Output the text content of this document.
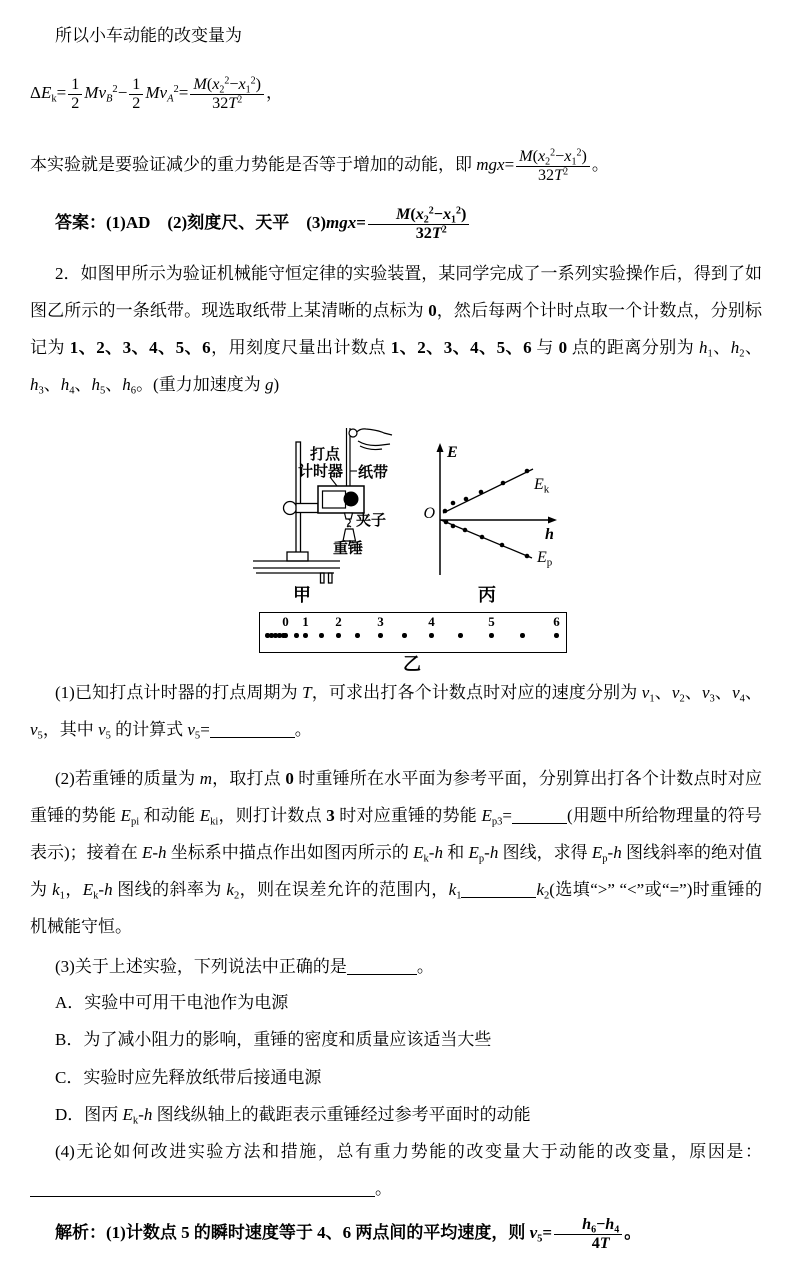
所以小车动能的改变量为
$\Delta E_k= \frac{1}{2} Mv_B^2- \frac{1}{2} Mv_A^2= \frac{M(x_2^2-x_1^2)}{32T^2}$ ，
本实验就是要验证减少的重力势能是否等于增加的动能，即 $mgx= \frac{M(x_2^2-x_1^2)}{32T^2}$ 。
答案：(1)AD　(2)刻度尺、天平　$(3)mgx= \frac{M(x_2^2-x_1^2)}{32T^2}$
2．如图甲所示为验证机械能守恒定律的实验装置，某同学完成了一系列实验操作后，得到了如图乙所示的一条纸带。现选取纸带上某清晰的点标为 0，然后每两个计时点取一个计数点，分别标记为 1、2、3、4、5、6，用刻度尺量出计数点 1、2、3、4、5、6 与 0 点的距离分别为 $h_1$、$h_2$、$h_3$、$h_4$、$h_5$、$h_6$。(重力加速度为 g)
打点
计时器 纸带
夹子
重锤
甲
E
h
O
$E_k$
$E_p$
丙
0 1 2	3	4	5	6
乙
(1)已知打点计时器的打点周期为 T，可求出打各个计数点时对应的速度分别为 $v_1$、$v_2$、$v_3$、$v_4$、$v_5$，其中 $v_5$ 的计算式 $v_5=$	。
(2)若重锤的质量为 m，取打点 0 时重锤所在水平面为参考平面，分别算出打各个计数点时对应重锤的势能 $E_{pi}$ 和动能 $E_{ki}$，则打计数点 3 时对应重锤的势能 $E_{p3}=$	(用题中所给物理量的符号表示)；接着在 E-h 坐标系中描点作出如图丙所示的 $E_k-h$ 和 $E_p-h$ 图线，求得 $E_p-h$ 图线斜率的绝对值为 $k_1$，$E_k-h$ 图线的斜率为 $k_2$，则在误差允许的范围内，$k_1$	$k_2$(选填“>” “<”或“=”)时重锤的机械能守恒。
(3)关于上述实验，下列说法中正确的是	。
A．实验中可用干电池作为电源
B．为了减小阻力的影响，重锤的密度和质量应该适当大些
C．实验时应先释放纸带后接通电源
D．图丙 $E_k-h$ 图线纵轴上的截距表示重锤经过参考平面时的动能
(4)无论如何改进实验方法和措施，总有重力势能的改变量大于动能的改变量，原因是：。
解析：(1)计数点 5 的瞬时速度等于 4、6 两点间的平均速度，则 $v_5= \frac{h_6-h_4}{4T}$ 。
